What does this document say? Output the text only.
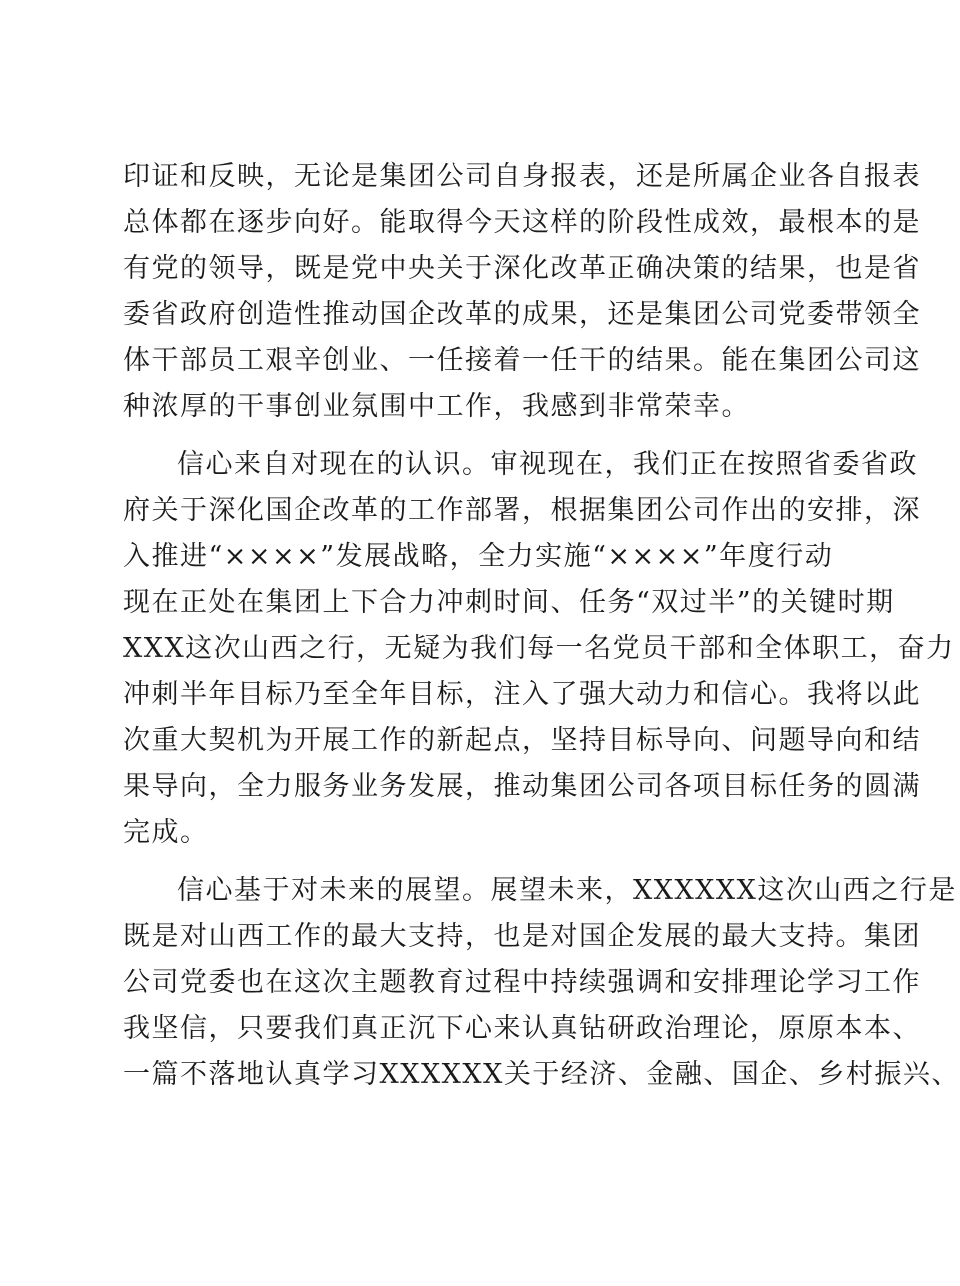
印证和反映，无论是集团公司自身报表，还是所属企业各自报表
总体都在逐步向好。能取得今天这样的阶段性成效，最根本的是
有党的领导，既是党中央关于深化改革正确决策的结果，也是省
委省政府创造性推动国企改革的成果，还是集团公司党委带领全
体干部员工艰辛创业、一任接着一任干的结果。能在集团公司这
种浓厚的干事创业氛围中工作，我感到非常荣幸。
信心来自对现在的认识。审视现在，我们正在按照省委省政
府关于深化国企改革的工作部署，根据集团公司作出的安排，深
入推进“××××”发展战略，全力实施“××××”年度行动
现在正处在集团上下合力冲刺时间、任务“双过半”的关键时期
XXX这次山西之行，无疑为我们每一名党员干部和全体职工，奋力
冲刺半年目标乃至全年目标，注入了强大动力和信心。我将以此
次重大契机为开展工作的新起点，坚持目标导向、问题导向和结
果导向，全力服务业务发展，推动集团公司各项目标任务的圆满
完成。
信心基于对未来的展望。展望未来，XXXXXX这次山西之行是
既是对山西工作的最大支持，也是对国企发展的最大支持。集团
公司党委也在这次主题教育过程中持续强调和安排理论学习工作
我坚信，只要我们真正沉下心来认真钻研政治理论，原原本本、
一篇不落地认真学习XXXXXX关于经济、金融、国企、乡村振兴、
